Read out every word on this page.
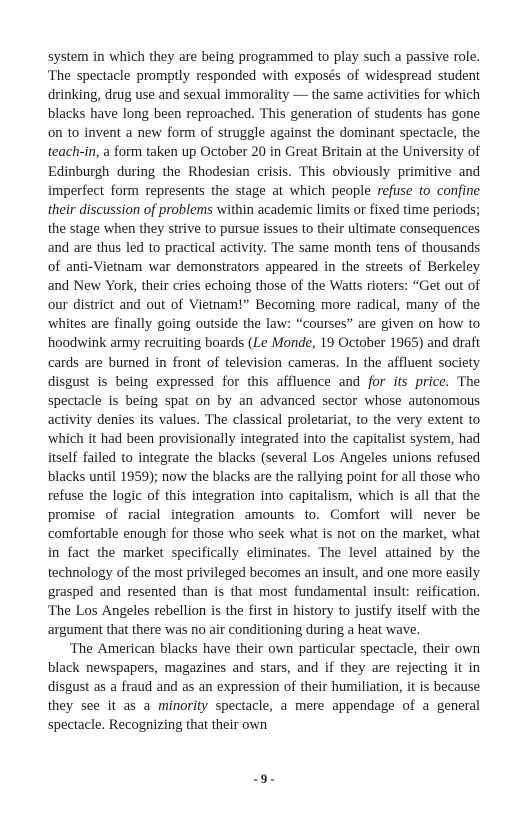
system in which they are being programmed to play such a passive role. The spectacle promptly responded with exposés of widespread student drinking, drug use and sexual immorality — the same activities for which blacks have long been reproached. This generation of students has gone on to invent a new form of struggle against the dominant spectacle, the teach-in, a form taken up October 20 in Great Britain at the University of Edinburgh during the Rhodesian crisis. This obviously primitive and imperfect form represents the stage at which people refuse to confine their discussion of problems within academic limits or fixed time periods; the stage when they strive to pursue issues to their ultimate consequences and are thus led to practical activity. The same month tens of thousands of anti-Vietnam war demonstrators appeared in the streets of Berkeley and New York, their cries echoing those of the Watts rioters: “Get out of our district and out of Vietnam!” Becoming more radical, many of the whites are finally going outside the law: “courses” are given on how to hoodwink army recruiting boards (Le Monde, 19 October 1965) and draft cards are burned in front of television cameras. In the affluent society disgust is being expressed for this affluence and for its price. The spectacle is being spat on by an advanced sector whose autonomous activity denies its values. The classical proletariat, to the very extent to which it had been provisionally integrated into the capitalist system, had itself failed to integrate the blacks (several Los Angeles unions refused blacks until 1959); now the blacks are the rallying point for all those who refuse the logic of this integration into capitalism, which is all that the promise of racial integration amounts to. Comfort will never be comfortable enough for those who seek what is not on the market, what in fact the market specifically eliminates. The level attained by the technology of the most privileged becomes an insult, and one more easily grasped and resented than is that most fundamental insult: reification. The Los Angeles rebellion is the first in history to justify itself with the argument that there was no air conditioning during a heat wave.

The American blacks have their own particular spectacle, their own black newspapers, magazines and stars, and if they are rejecting it in disgust as a fraud and as an expression of their humiliation, it is because they see it as a minority spectacle, a mere appendage of a general spectacle. Recognizing that their own

- 9 -
